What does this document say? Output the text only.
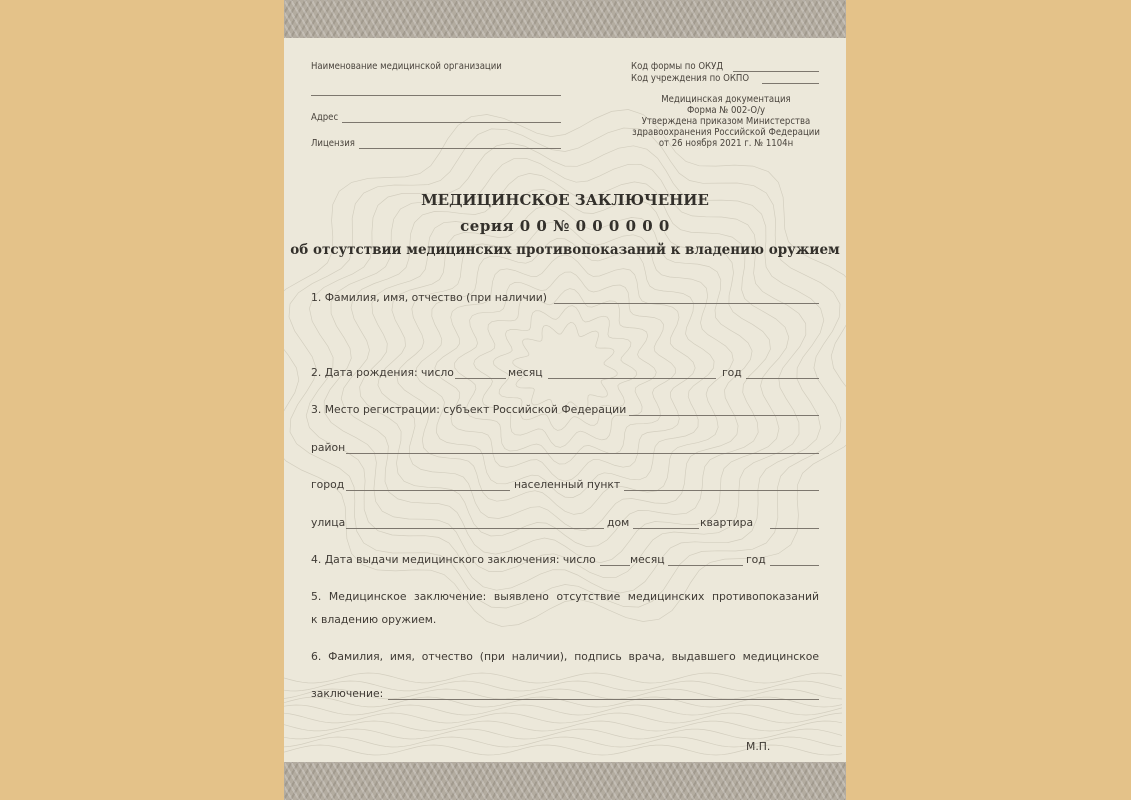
Наименование медицинской организации
Адрес
Лицензия
Код формы по ОКУД
Код учреждения по ОКПО
Медицинская документация
Форма № 002-О/у
Утверждена приказом Министерства
здравоохранения Российской Федерации
от 26 ноября 2021 г. № 1104н
МЕДИЦИНСКОЕ ЗАКЛЮЧЕНИЕ
серия 0 0 № 0 0 0 0 0 0
об отсутствии медицинских противопоказаний к владению оружием
1. Фамилия, имя, отчество (при наличии)
2. Дата рождения: число	месяц	год
3. Место регистрации: субъект Российской Федерации
район
город	населенный пункт
улица	дом	квартира
4. Дата выдачи медицинского заключения: число	месяц	год
5. Медицинское заключение: выявлено отсутствие медицинских противопоказаний
к владению оружием.
6. Фамилия, имя, отчество (при наличии), подпись врача, выдавшего медицинское
заключение:
М.П.
